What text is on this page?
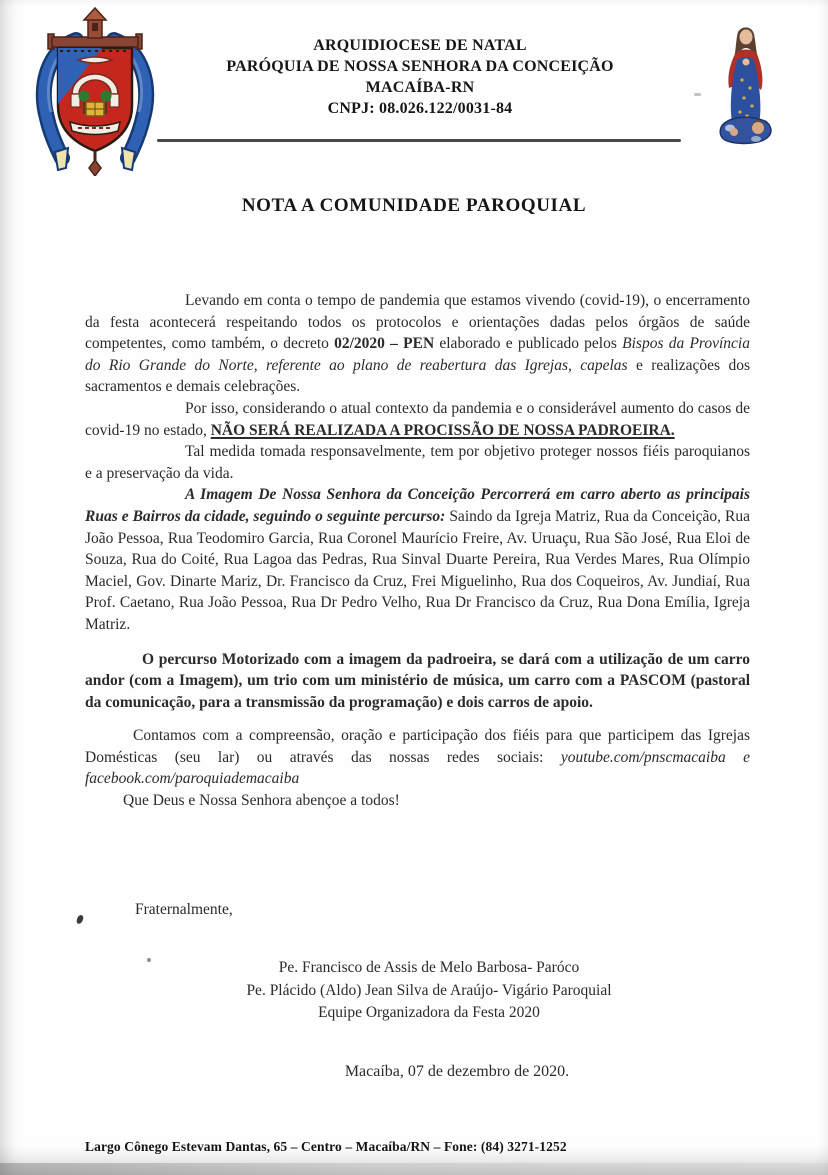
ARQUIDIOCESE DE NATAL
PARÓQUIA DE NOSSA SENHORA DA CONCEIÇÃO
MACAÍBA-RN
CNPJ: 08.026.122/0031-84
NOTA A COMUNIDADE PAROQUIAL

Levando em conta o tempo de pandemia que estamos vivendo (covid-19), o encerramento da festa acontecerá respeitando todos os protocolos e orientações dadas pelos órgãos de saúde competentes, como também, o decreto 02/2020 – PEN elaborado e publicado pelos Bispos da Província do Rio Grande do Norte, referente ao plano de reabertura das Igrejas, capelas e realizações dos sacramentos e demais celebrações.

Por isso, considerando o atual contexto da pandemia e o considerável aumento do casos de covid-19 no estado, NÃO SERÁ REALIZADA A PROCISSÃO DE NOSSA PADROEIRA.

Tal medida tomada responsavelmente, tem por objetivo proteger nossos fiéis paroquianos e a preservação da vida.

A Imagem De Nossa Senhora da Conceição Percorrerá em carro aberto as principais Ruas e Bairros da cidade, seguindo o seguinte percurso: Saindo da Igreja Matriz, Rua da Conceição, Rua João Pessoa, Rua Teodomiro Garcia, Rua Coronel Maurício Freire, Av. Uruaçu, Rua São José, Rua Eloi de Souza, Rua do Coité, Rua Lagoa das Pedras, Rua Sinval Duarte Pereira, Rua Verdes Mares, Rua Olímpio Maciel, Gov. Dinarte Mariz, Dr. Francisco da Cruz, Frei Miguelinho, Rua dos Coqueiros, Av. Jundiaí, Rua Prof. Caetano, Rua João Pessoa, Rua Dr Pedro Velho, Rua Dr Francisco da Cruz, Rua Dona Emília, Igreja Matriz.

O percurso Motorizado com a imagem da padroeira, se dará com a utilização de um carro andor (com a Imagem), um trio com um ministério de música, um carro com a PASCOM (pastoral da comunicação, para a transmissão da programação) e dois carros de apoio.

Contamos com a compreensão, oração e participação dos fiéis para que participem das Igrejas Domésticas (seu lar) ou através das nossas redes sociais: youtube.com/pnscmacaiba e facebook.com/paroquiademacaiba

Que Deus e Nossa Senhora abençoe a todos!

Fraternalmente,
Pe. Francisco de Assis de Melo Barbosa- Paróco
Pe. Plácido (Aldo) Jean Silva de Araújo- Vigário Paroquial
Equipe Organizadora da Festa 2020
Macaíba, 07 de dezembro de 2020.
Largo Cônego Estevam Dantas, 65 – Centro – Macaíba/RN – Fone: (84) 3271-1252
